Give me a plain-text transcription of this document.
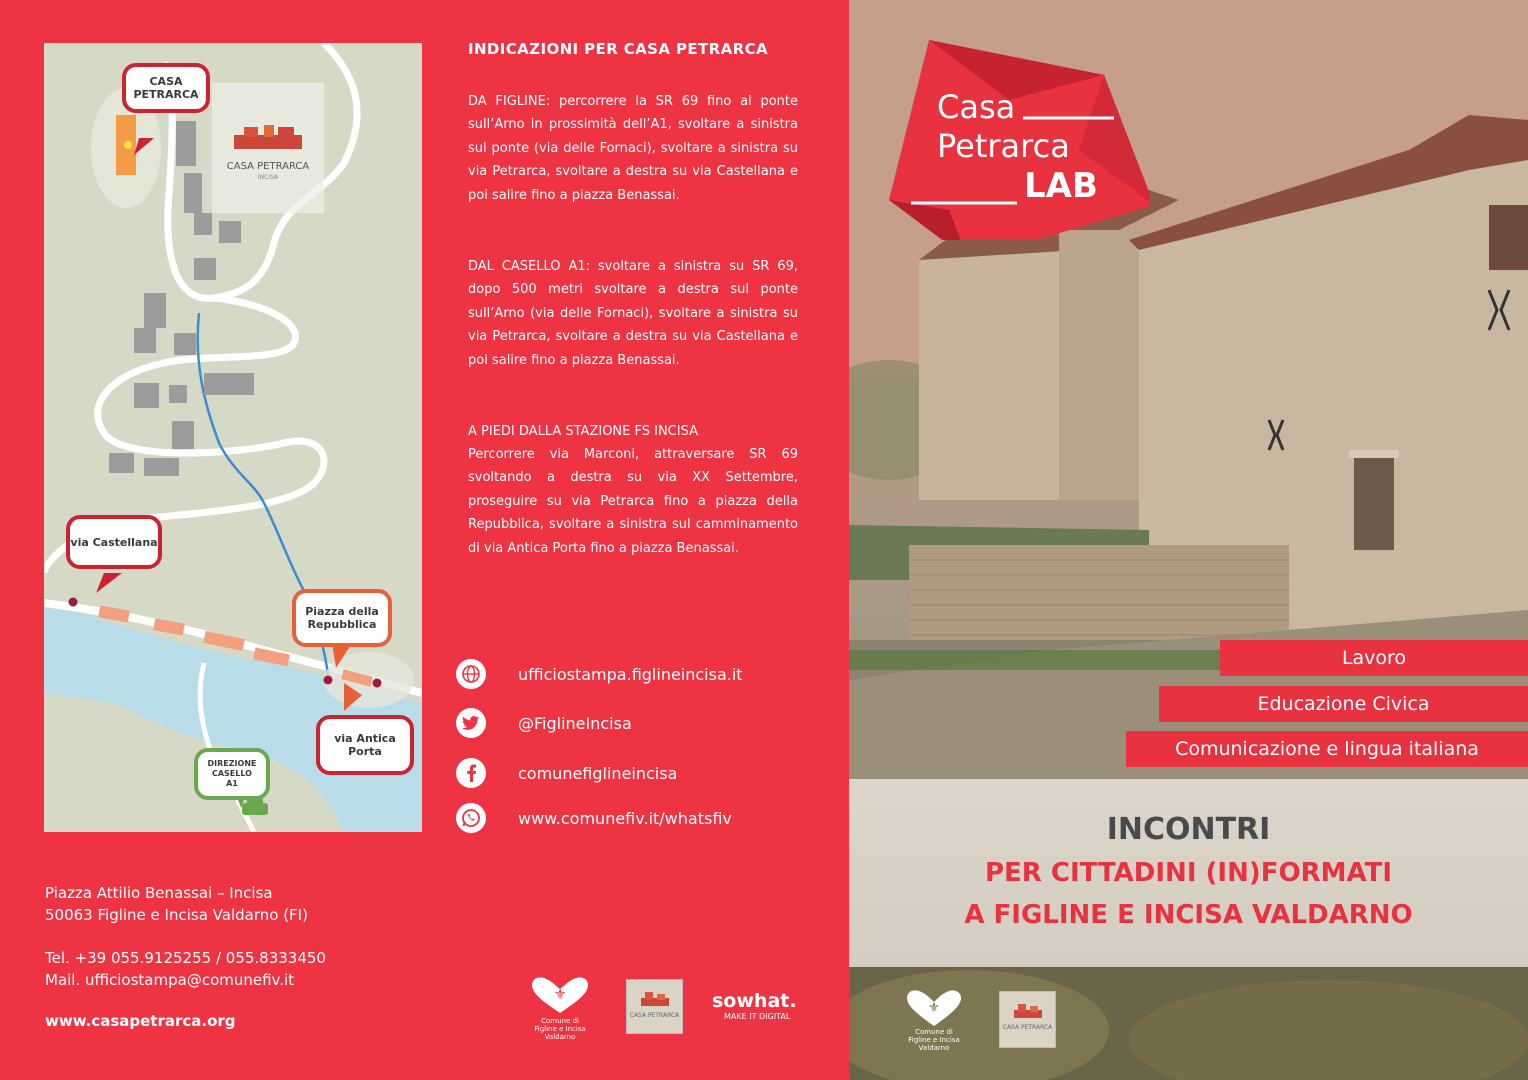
CASA
PETRARCA
CASA PETRARCA
INCISA
via Castellana
Piazza della
Repubblica
via Antica Porta
DIREZIONE
CASELLO
A1
INDICAZIONI PER CASA PETRARCA
DA FIGLINE: percorrere la SR 69 fino al ponte sull’Arno in prossimità dell’A1, svoltare a sinistra sul ponte (via delle Fornaci), svoltare a sinistra su via Petrarca, svoltare a destra su via Castellana e poi salire fino a piazza Benassai.
DAL CASELLO A1: svoltare a sinistra su SR 69, dopo 500 metri svoltare a destra sul ponte sull’Arno (via delle Fornaci), svoltare a sinistra su via Petrarca, svoltare a destra su via Castellana e poi salire fino a piazza Benassai.
A PIEDI DALLA STAZIONE FS INCISA
Percorrere via Marconi, attraversare SR 69 svoltando a destra su via XX Settembre, proseguire su via Petrarca fino a piazza della Repubblica, svoltare a sinistra sul camminamento di via Antica Porta fino a piazza Benassai.
ufficiostampa.figlineincisa.it
@FiglineIncisa
comunefiglineincisa
www.comunefiv.it/whatsfiv
Piazza Attilio Benassai – Incisa
50063 Figline e Incisa Valdarno (FI)
Tel. +39 055.9125255 / 055.8333450
Mail. ufficiostampa@comunefiv.it
www.casapetrarca.org
⚜
Comune di
Figline e Incisa
Valdarno
CASA PETRARCA
sowhat.
MAKE IT DIGITAL
Casa
Petrarca
LAB
Lavoro
Educazione Civica
Comunicazione e lingua italiana
⚜
Comune di
Figline e Incisa
Valdarno
CASA PETRARCA
INCONTRI
PER CITTADINI (IN)FORMATI
A FIGLINE E INCISA VALDARNO
